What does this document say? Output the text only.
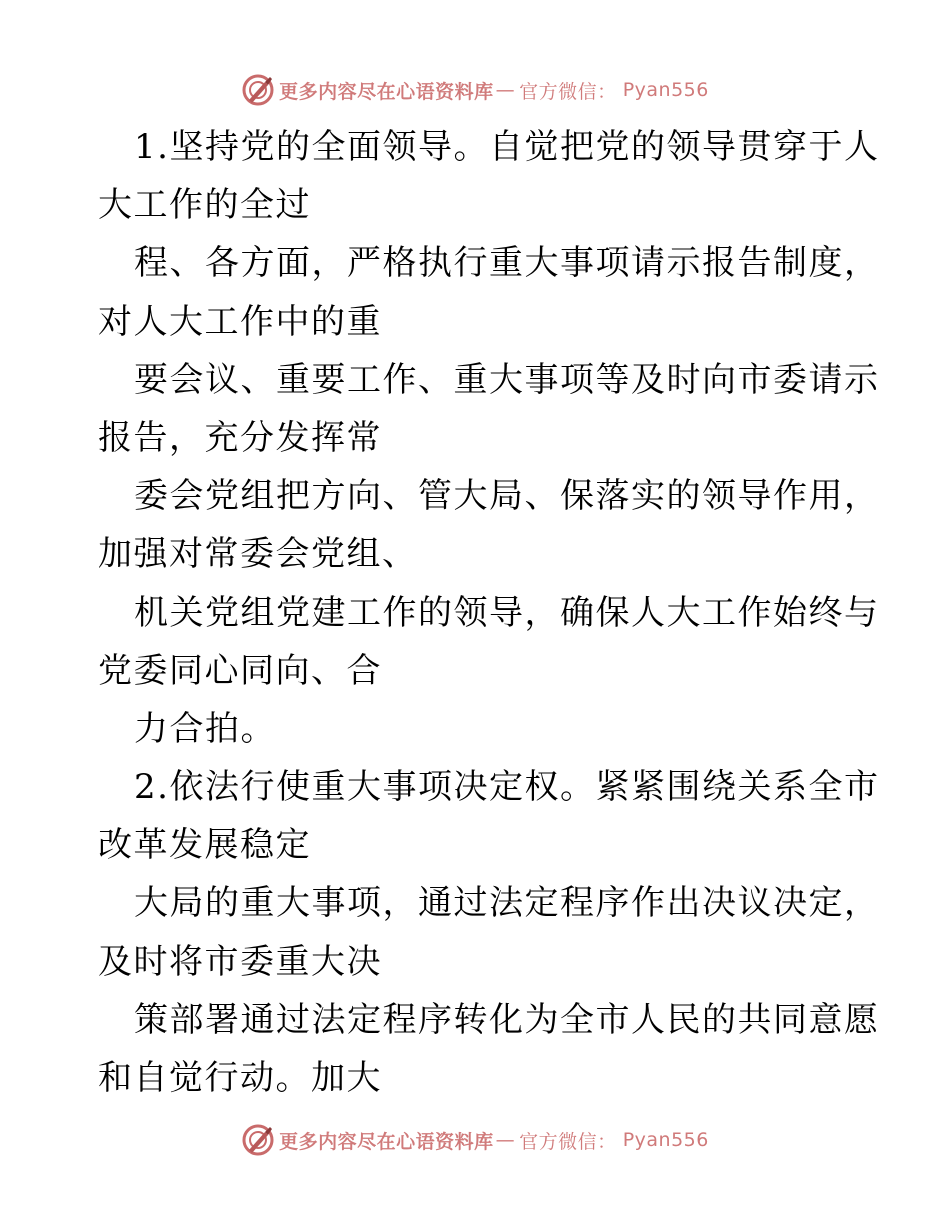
更多内容尽在心语资料库 — 官方微信： Pyan556
1.坚持党的全面领导。自觉把党的领导贯穿于人
大工作的全过
程、各方面，严格执行重大事项请示报告制度，
对人大工作中的重
要会议、重要工作、重大事项等及时向市委请示
报告，充分发挥常
委会党组把方向、管大局、保落实的领导作用，
加强对常委会党组、
机关党组党建工作的领导，确保人大工作始终与
党委同心同向、合
力合拍。
2.依法行使重大事项决定权。紧紧围绕关系全市
改革发展稳定
大局的重大事项，通过法定程序作出决议决定，
及时将市委重大决
策部署通过法定程序转化为全市人民的共同意愿
和自觉行动。加大
更多内容尽在心语资料库 — 官方微信： Pyan556
